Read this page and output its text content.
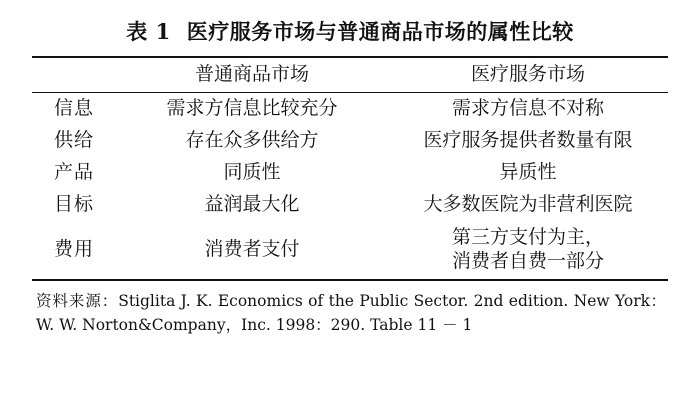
表 1 医疗服务市场与普通商品市场的属性比较
	普通商品市场	医疗服务市场
信息	需求方信息比较充分	需求方信息不对称
供给	存在众多供给方	医疗服务提供者数量有限
产品	同质性	异质性
目标	益润最大化	大多数医院为非营利医院
费用	消费者支付	第三方支付为主，
消费者自费一部分
资料来源：Stiglita J. K. Economics of the Public Sector. 2nd edition. New York：W. W. Norton&Company，Inc. 1998：290. Table 11 － 1
